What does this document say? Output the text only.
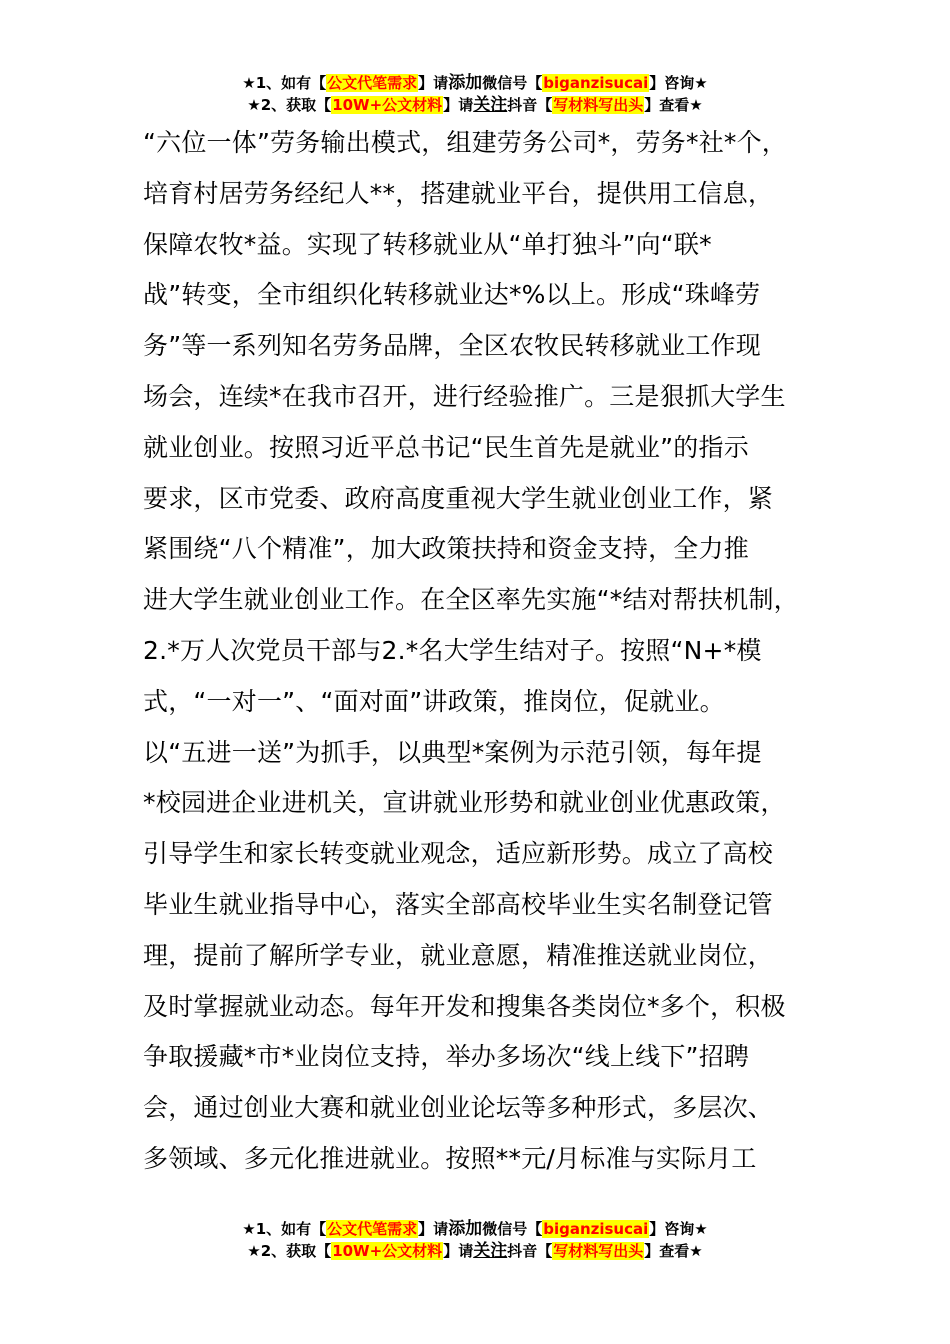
★1、如有【公文代笔需求】请添加微信号【biganzisucai】咨询★
★2、获取【10W+公文材料】请关注抖音【写材料写出头】查看★
“六位一体”劳务输出模式，组建劳务公司*，劳务*社*个，
培育村居劳务经纪人**，搭建就业平台，提供用工信息，
保障农牧*益。实现了转移就业从“单打独斗”向“联*
战”转变，全市组织化转移就业达*%以上。形成“珠峰劳
务”等一系列知名劳务品牌，全区农牧民转移就业工作现
场会，连续*在我市召开，进行经验推广。三是狠抓大学生
就业创业。按照习近平总书记“民生首先是就业”的指示
要求，区市党委、政府高度重视大学生就业创业工作，紧
紧围绕“八个精准”，加大政策扶持和资金支持，全力推
进大学生就业创业工作。在全区率先实施“*结对帮扶机制，
2.*万人次党员干部与2.*名大学生结对子。按照“N+*模
式，“一对一”、“面对面”讲政策，推岗位，促就业。
以“五进一送”为抓手，以典型*案例为示范引领，每年提
*校园进企业进机关，宣讲就业形势和就业创业优惠政策，
引导学生和家长转变就业观念，适应新形势。成立了高校
毕业生就业指导中心，落实全部高校毕业生实名制登记管
理，提前了解所学专业，就业意愿，精准推送就业岗位，
及时掌握就业动态。每年开发和搜集各类岗位*多个，积极
争取援藏*市*业岗位支持，举办多场次“线上线下”招聘
会，通过创业大赛和就业创业论坛等多种形式，多层次、
多领域、多元化推进就业。按照**元/月标准与实际月工
★1、如有【公文代笔需求】请添加微信号【biganzisucai】咨询★
★2、获取【10W+公文材料】请关注抖音【写材料写出头】查看★
